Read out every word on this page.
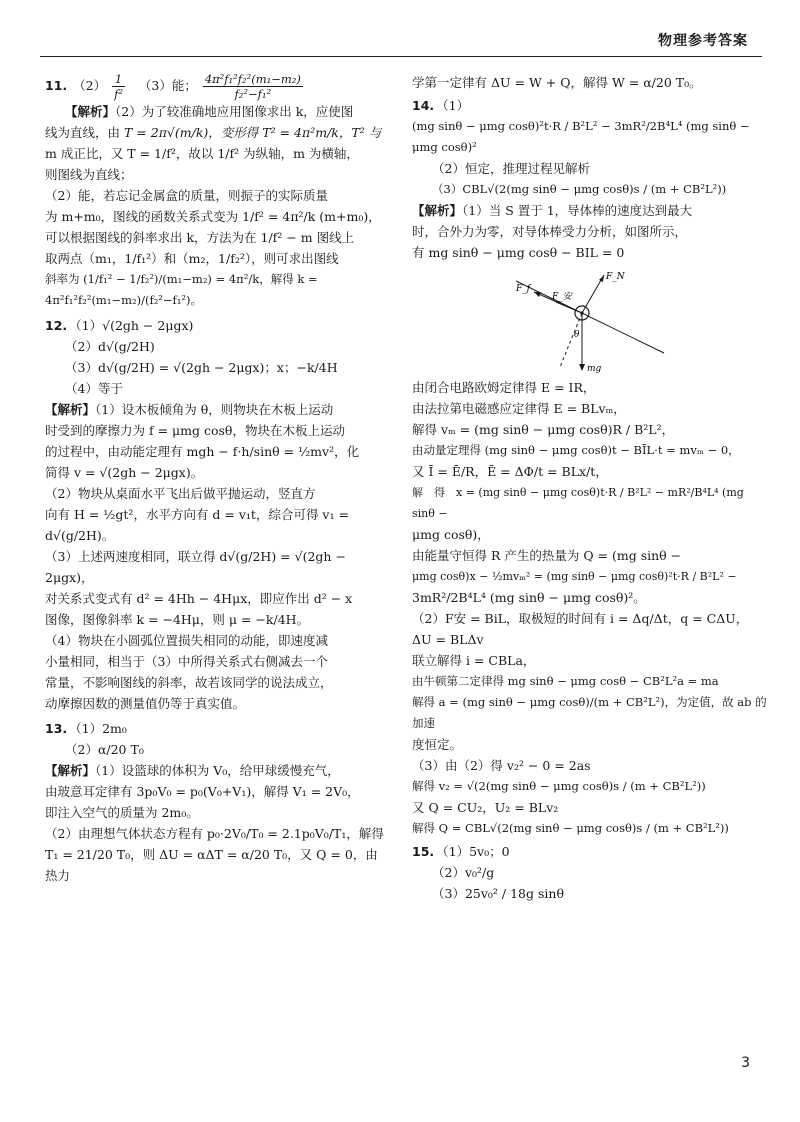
物理参考答案

11. $(2) \frac{1}{\text{f²}} (3)$能； $\frac{\text{4π²f₁²f₂²(m₁−m₂)}}{\text{f₂²−f₁²}}$

【解析】（2）为了较准确地应用图像求出 k，应使图

线为直线，由 T = 2π√(m/k)，变形得 T² = 4π²m/k，T² 与

m 成正比，又 T = 1/f²，故以 1/f² 为纵轴，m 为横轴，

则图线为直线；

（2）能，若忘记金属盒的质量，则振子的实际质量

为 m+m₀，图线的函数关系式变为 1/f² = 4π²/k (m+m₀)，

可以根据图线的斜率求出 k，方法为在 1/f² − m 图线上

取两点（m₁，1/f₁²）和（m₂，1/f₂²），则可求出图线

斜率为 (1/f₁² − 1/f₂²)/(m₁−m₂) = 4π²/k，解得 k = 4π²f₁²f₂²(m₁−m₂)/(f₂²−f₁²)。

12. （1）√(2gh − 2μgx)

（2）d√(g/2H)

（3）d√(g/2H) = √(2gh − 2μgx)；x；−k/4H

（4）等于

【解析】（1）设木板倾角为 θ，则物块在木板上运动

时受到的摩擦力为 f = μmg cosθ，物块在木板上运动

的过程中，由动能定理有 mgh − f·h/sinθ = ½mv²，化

简得 v = √(2gh − 2μgx)。

（2）物块从桌面水平飞出后做平抛运动，竖直方

向有 H = ½gt²，水平方向有 d = v₁t，综合可得 v₁ =

d√(g/2H)。

（3）上述两速度相同，联立得 d√(g/2H) = √(2gh − 2μgx)，

对关系式变式有 d² = 4Hh − 4Hμx，即应作出 d² − x

图像，图像斜率 k = −4Hμ，则 μ = −k/4H。

（4）物块在小圆弧位置损失相同的动能，即速度减

小量相同，相当于（3）中所得关系式右侧减去一个

常量，不影响图线的斜率，故若该同学的说法成立，

动摩擦因数的测量值仍等于真实值。

13. （1）2m₀

（2）α/20 T₀

【解析】（1）设篮球的体积为 V₀，给甲球缓慢充气，

由玻意耳定律有 3p₀V₀ = p₀(V₀+V₁)，解得 V₁ = 2V₀，

即注入空气的质量为 2m₀。

（2）由理想气体状态方程有 p₀·2V₀/T₀ = 2.1p₀V₀/T₁，解得

T₁ = 21/20 T₀，则 ΔU = αΔT = α/20 T₀，又 Q = 0，由热力

学第一定律有 ΔU = W + Q，解得 W = α/20 T₀。

14. （1）

(mg sinθ − μmg cosθ)²t·R / B²L² − 3mR²/2B⁴L⁴ (mg sinθ − μmg cosθ)²

（2）恒定，推理过程见解析

（3）CBL√(2(mg sinθ − μmg cosθ)s / (m + CB²L²))

【解析】（1）当 S 置于 1，导体棒的速度达到最大

时，合外力为零，对导体棒受力分析，如图所示，

有 mg sinθ − μmg cosθ − BIL = 0

F_N
F_f
F_安
θ
mg

由闭合电路欧姆定律得 E = IR，

由法拉第电磁感应定律得 E = BLvₘ，

解得 vₘ = (mg sinθ − μmg cosθ)R / B²L²，

由动量定理得 (mg sinθ − μmg cosθ)t − BĪL·t = mvₘ − 0，

又 Ī = Ē/R，Ē = ΔΦ/t = BLx/t，

解　得　x = (mg sinθ − μmg cosθ)t·R / B²L² − mR²/B⁴L⁴ (mg sinθ −

μmg cosθ)，

由能量守恒得 R 产生的热量为 Q = (mg sinθ −

μmg cosθ)x − ½mvₘ² = (mg sinθ − μmg cosθ)²t·R / B²L² −

3mR²/2B⁴L⁴ (mg sinθ − μmg cosθ)²。

（2）F安 = BiL，取极短的时间有 i = Δq/Δt，q = CΔU，

ΔU = BLΔv

联立解得 i = CBLa，

由牛顿第二定律得 mg sinθ − μmg cosθ − CB²L²a = ma

解得 a = (mg sinθ − μmg cosθ)/(m + CB²L²)，为定值，故 ab 的加速

度恒定。

（3）由（2）得 v₂² − 0 = 2as

解得 v₂ = √(2(mg sinθ − μmg cosθ)s / (m + CB²L²))

又 Q = CU₂，U₂ = BLv₂

解得 Q = CBL√(2(mg sinθ − μmg cosθ)s / (m + CB²L²))

15. （1）5v₀；0

（2）v₀²/g

（3）25v₀² / 18g sinθ

3
